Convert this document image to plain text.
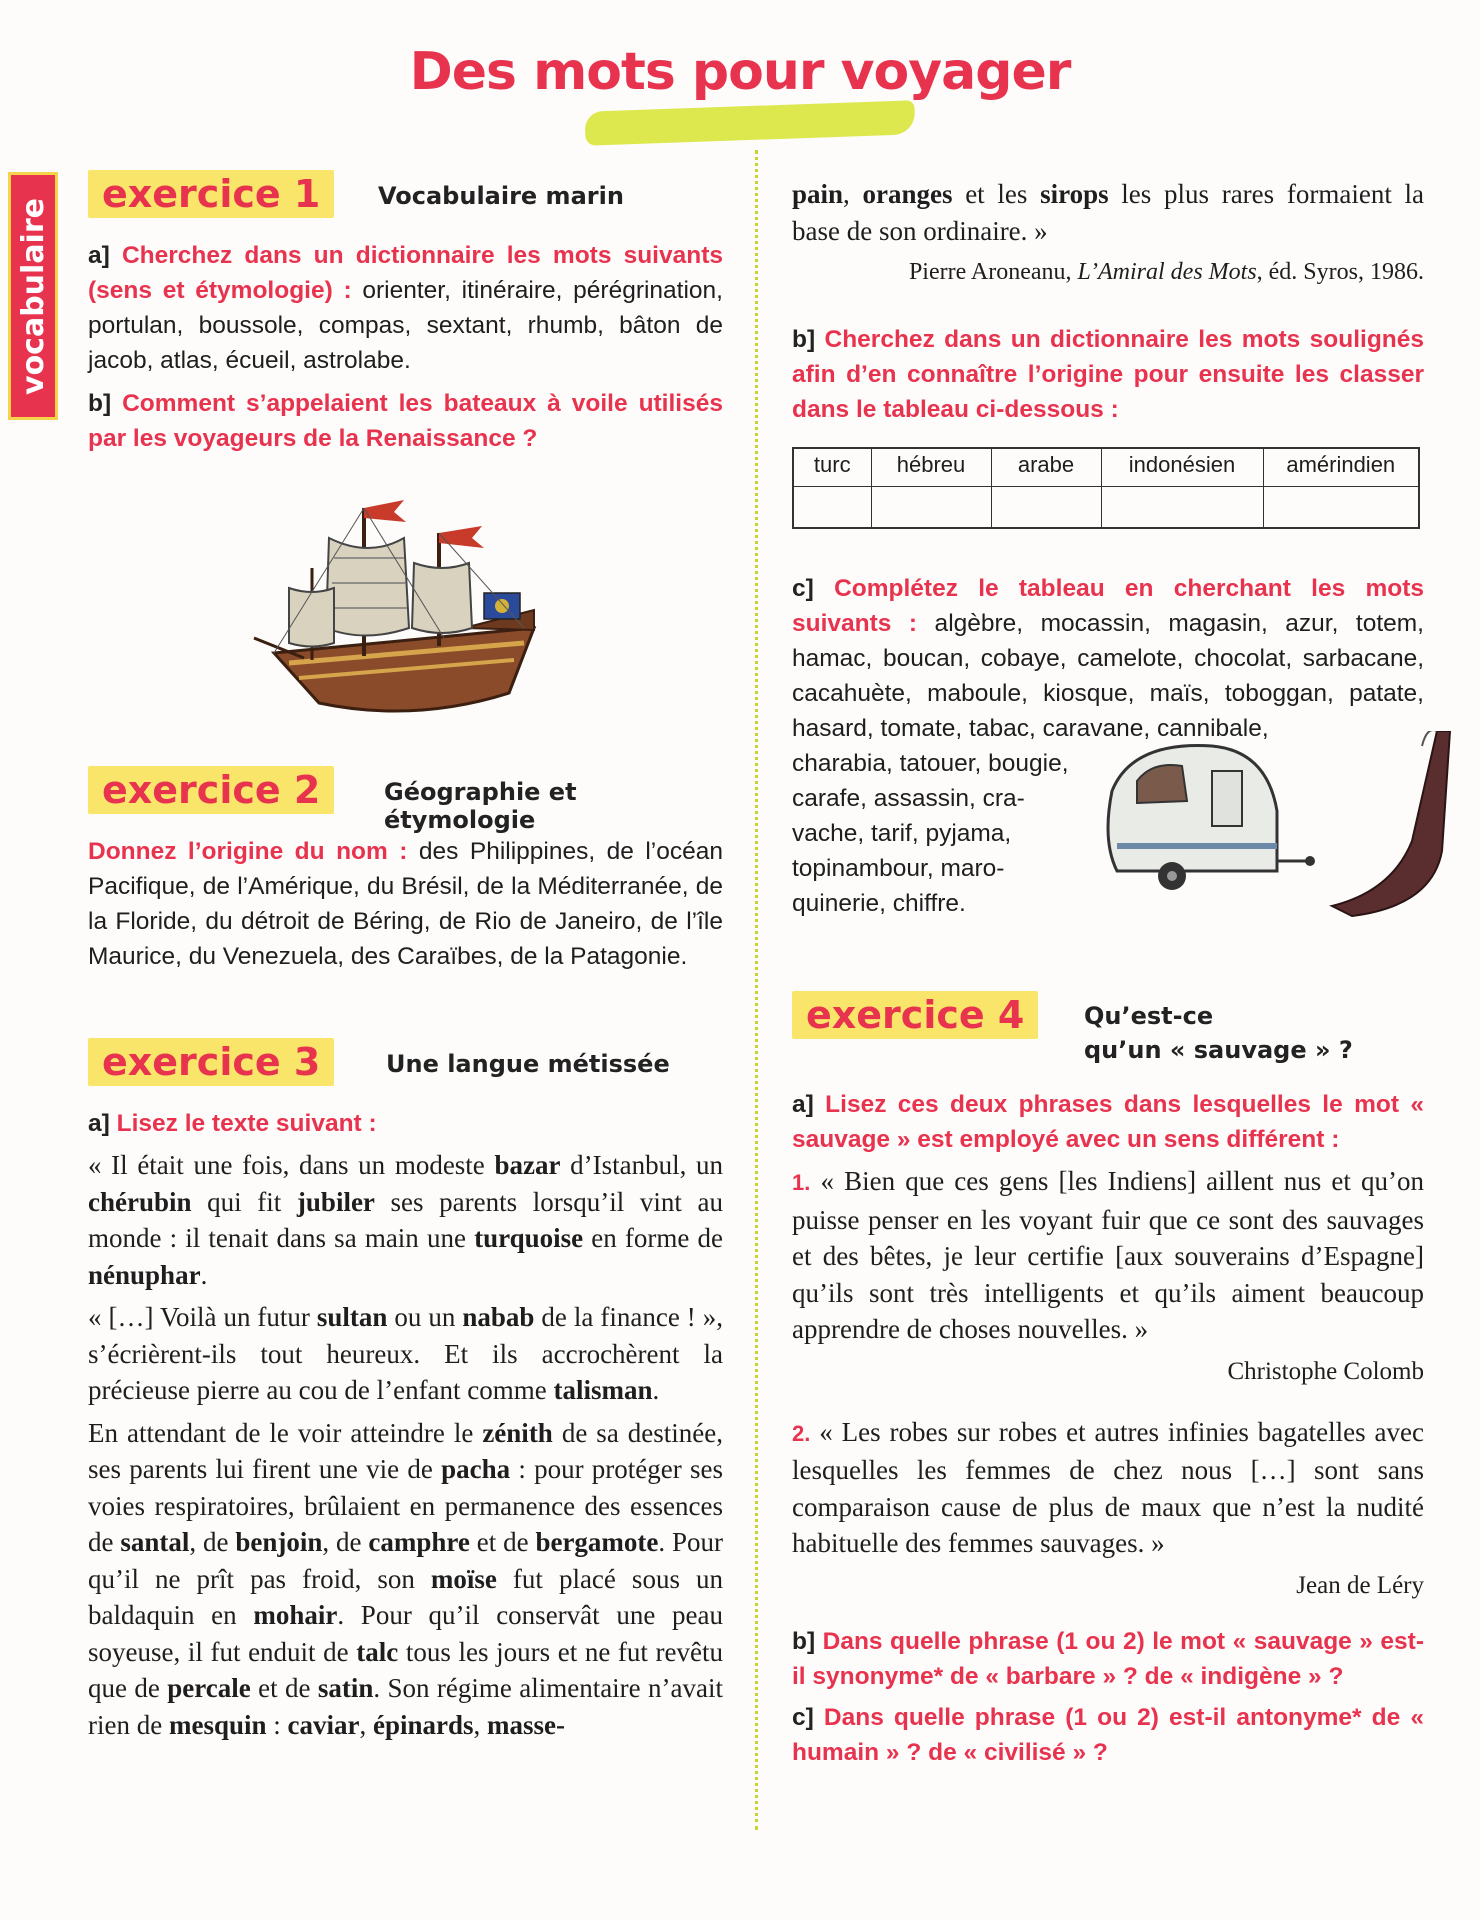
Des mots pour voyager
vocabulaire
exercice 1	Vocabulaire marin

a] Cherchez dans un dictionnaire les mots suivants (sens et étymologie) : orienter, itinéraire, pérégrination, portulan, boussole, compas, sextant, rhumb, bâton de jacob, atlas, écueil, astrolabe.

b] Comment s’appelaient les bateaux à voile utilisés par les voyageurs de la Renaissance ?

exercice 2	Géographie et étymologie

Donnez l’origine du nom : des Philippines, de l’océan Pacifique, de l’Amérique, du Brésil, de la Méditerranée, de la Floride, du détroit de Béring, de Rio de Janeiro, de l’île Maurice, du Venezuela, des Caraïbes, de la Patagonie.

exercice 3	Une langue métissée

a] Lisez le texte suivant :

« Il était une fois, dans un modeste bazar d’Istanbul, un chérubin qui fit jubiler ses parents lorsqu’il vint au monde : il tenait dans sa main une turquoise en forme de nénuphar.

« […] Voilà un futur sultan ou un nabab de la finance ! », s’écrièrent-ils tout heureux. Et ils accrochèrent la précieuse pierre au cou de l’enfant comme talisman.

En attendant de le voir atteindre le zénith de sa destinée, ses parents lui firent une vie de pacha : pour protéger ses voies respiratoires, brûlaient en permanence des essences de santal, de benjoin, de camphre et de bergamote. Pour qu’il ne prît pas froid, son moïse fut placé sous un baldaquin en mohair. Pour qu’il conservât une peau soyeuse, il fut enduit de talc tous les jours et ne fut revêtu que de percale et de satin. Son régime alimentaire n’avait rien de mesquin : caviar, épinards, masse-

pain, oranges et les sirops les plus rares formaient la base de son ordinaire. »

Pierre Aroneanu, L’Amiral des Mots, éd. Syros, 1986.

b] Cherchez dans un dictionnaire les mots soulignés afin d’en connaître l’origine pour ensuite les classer dans le tableau ci-dessous :

turc	hébreu	arabe	indonésien	amérindien

c] Complétez le tableau en cherchant les mots suivants : algèbre, mocassin, magasin, azur, totem, hamac, boucan, cobaye, camelote, chocolat, sarbacane, cacahuète, maboule, kiosque, maïs, toboggan, patate, hasard, tomate, tabac, caravane, cannibale,

charabia, tatouer, bougie,

carafe, assassin, cra-

vache, tarif, pyjama,

topinambour, maro-

quinerie, chiffre.

exercice 4	Qu’est-ce
qu’un « sauvage » ?

a] Lisez ces deux phrases dans lesquelles le mot « sauvage » est employé avec un sens différent :

1. « Bien que ces gens [les Indiens] aillent nus et qu’on puisse penser en les voyant fuir que ce sont des sauvages et des bêtes, je leur certifie [aux souverains d’Espagne] qu’ils sont très intelligents et qu’ils aiment beaucoup apprendre de choses nouvelles. »

Christophe Colomb

2. « Les robes sur robes et autres infinies bagatelles avec lesquelles les femmes de chez nous […] sont sans comparaison cause de plus de maux que n’est la nudité habituelle des femmes sauvages. »

Jean de Léry

b] Dans quelle phrase (1 ou 2) le mot « sauvage » est-il synonyme* de « barbare » ? de « indigène » ?

c] Dans quelle phrase (1 ou 2) est-il antonyme* de « humain » ? de « civilisé » ?
